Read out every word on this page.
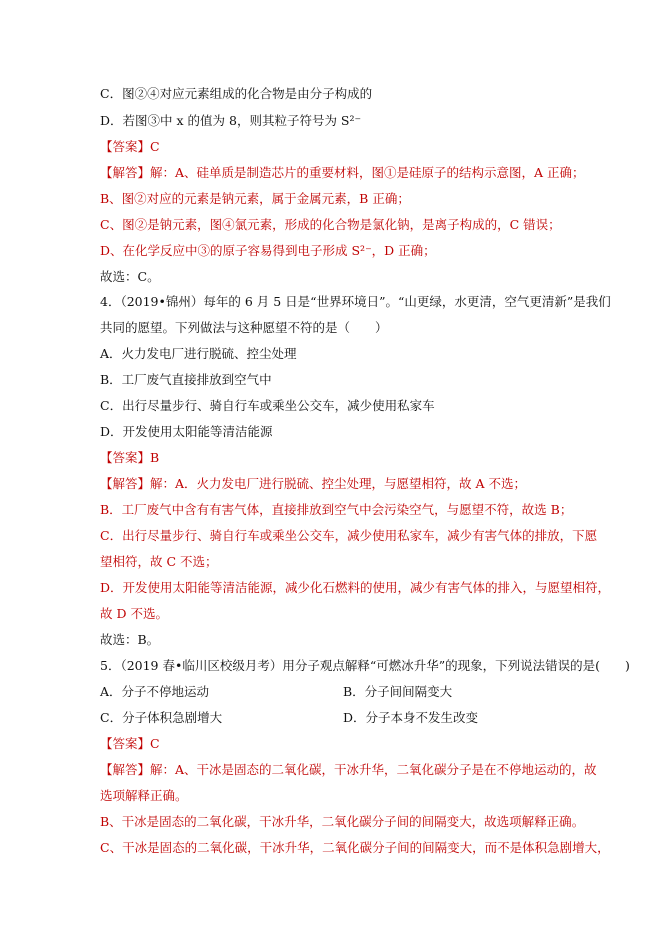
C．图②④对应元素组成的化合物是由分子构成的
D．若图③中 x 的值为 8，则其粒子符号为 S²⁻
【答案】C
【解答】解：A、硅单质是制造芯片的重要材料，图①是硅原子的结构示意图，A 正确；
B、图②对应的元素是钠元素，属于金属元素，B 正确；
C、图②是钠元素，图④氯元素，形成的化合物是氯化钠，是离子构成的，C 错误；
D、在化学反应中③的原子容易得到电子形成 S²⁻，D 正确；
故选：C。
4．（2019•锦州）每年的 6 月 5 日是“世界环境日”。“山更绿，水更清，空气更清新”是我们
共同的愿望。下列做法与这种愿望不符的是（　　）
A．火力发电厂进行脱硫、控尘处理
B．工厂废气直接排放到空气中
C．出行尽量步行、骑自行车或乘坐公交车，减少使用私家车
D．开发使用太阳能等清洁能源
【答案】B
【解答】解：A．火力发电厂进行脱硫、控尘处理，与愿望相符，故 A 不选；
B．工厂废气中含有有害气体，直接排放到空气中会污染空气，与愿望不符，故选 B；
C．出行尽量步行、骑自行车或乘坐公交车，减少使用私家车，减少有害气体的排放，下愿
望相符，故 C 不选；
D．开发使用太阳能等清洁能源，减少化石燃料的使用，减少有害气体的排入，与愿望相符，
故 D 不选。
故选：B。
5．（2019 春•临川区校级月考）用分子观点解释“可燃冰升华”的现象，下列说法错误的是(　　)
A．分子不停地运动	B．分子间间隔变大
C．分子体积急剧增大	D．分子本身不发生改变
【答案】C
【解答】解：A、干冰是固态的二氧化碳，干冰升华，二氧化碳分子是在不停地运动的，故
选项解释正确。
B、干冰是固态的二氧化碳，干冰升华，二氧化碳分子间的间隔变大，故选项解释正确。
C、干冰是固态的二氧化碳，干冰升华，二氧化碳分子间的间隔变大，而不是体积急剧增大，
